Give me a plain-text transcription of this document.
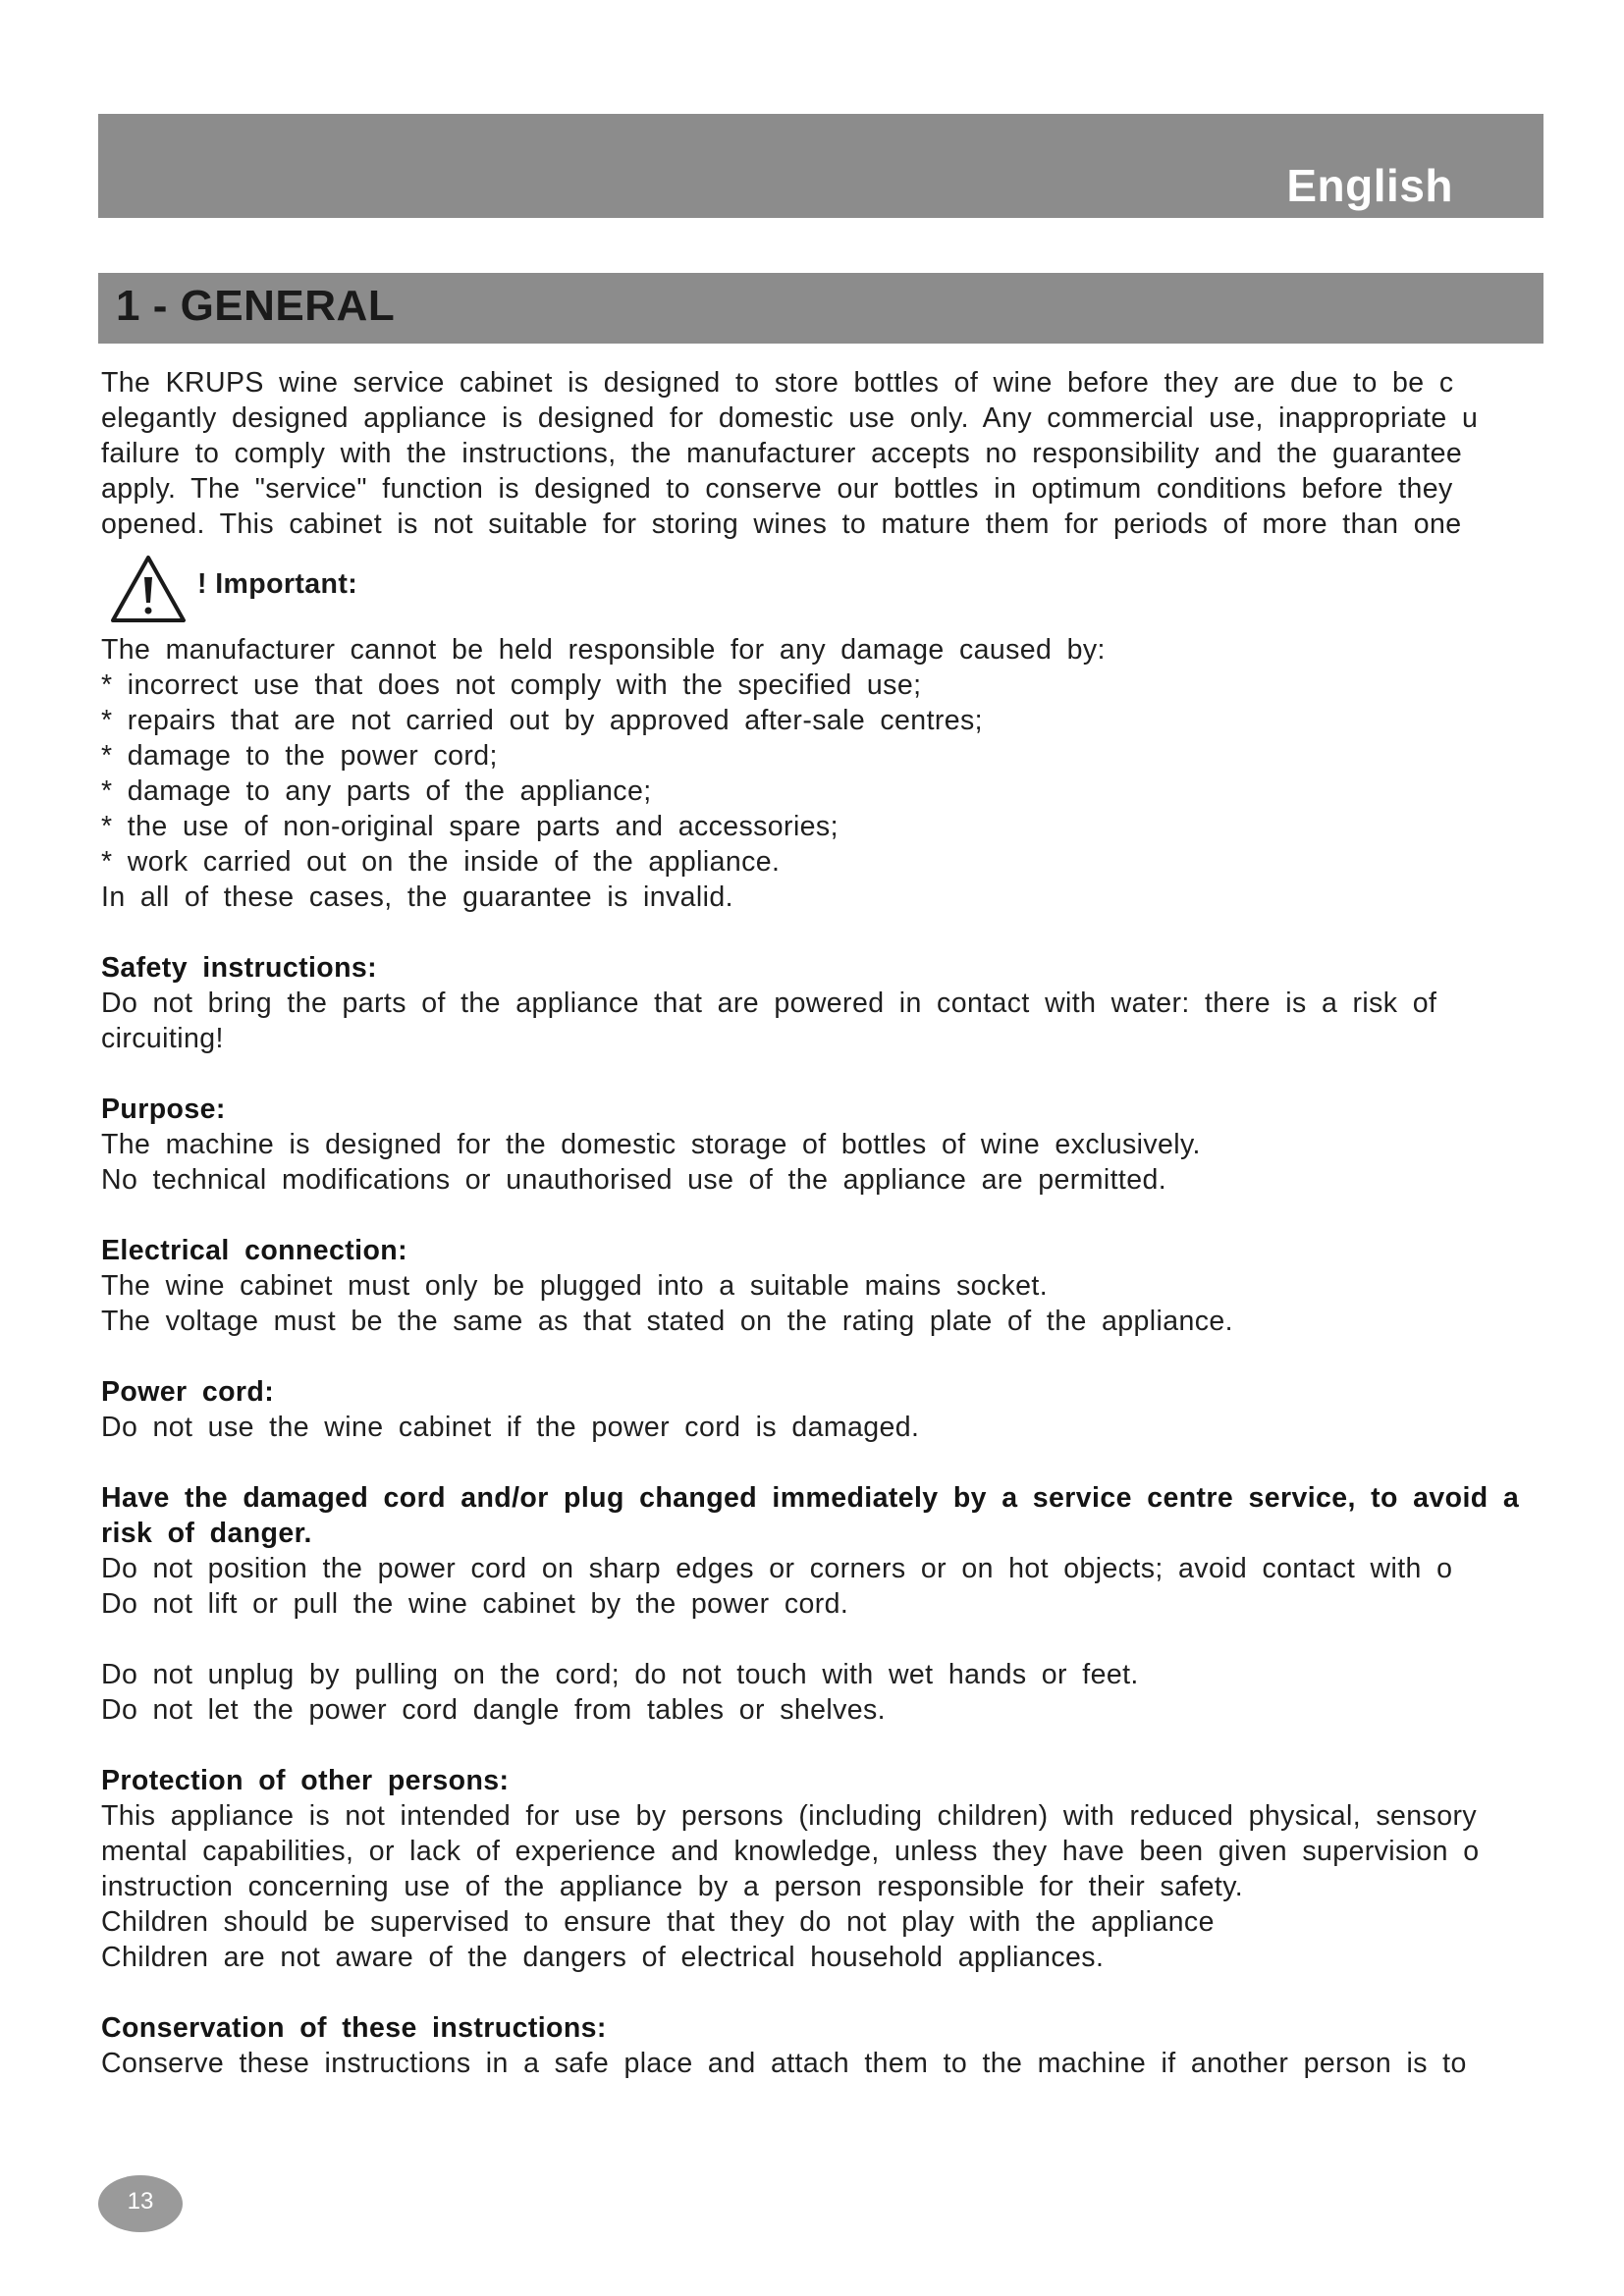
English
1 - GENERAL
The KRUPS wine service cabinet is designed to store bottles of wine before they are due to be c
elegantly designed appliance is designed for domestic use only. Any commercial use, inappropriate u
failure to comply with the instructions, the manufacturer accepts no responsibility and the guarantee
apply. The "service" function is designed to conserve our bottles in optimum conditions before they
opened. This cabinet is not suitable for storing wines to mature them for periods of more than one
! Important:
The manufacturer cannot be held responsible for any damage caused by:
* incorrect use that does not comply with the specified use;
* repairs that are not carried out by approved after-sale centres;
* damage to the power cord;
* damage to any parts of the appliance;
* the use of non-original spare parts and accessories;
* work carried out on the inside of the appliance.
In all of these cases, the guarantee is invalid.
Safety instructions:
Do not bring the parts of the appliance that are powered in contact with water: there is a risk of
circuiting!
Purpose:
The machine is designed for the domestic storage of bottles of wine exclusively.
No technical modifications or unauthorised use of the appliance are permitted.
Electrical connection:
The wine cabinet must only be plugged into a suitable mains socket.
The voltage must be the same as that stated on the rating plate of the appliance.
Power cord:
Do not use the wine cabinet if the power cord is damaged.
Have the damaged cord and/or plug changed immediately by a service centre service, to avoid a
risk of danger.
Do not position the power cord on sharp edges or corners or on hot objects; avoid contact with o
Do not lift or pull the wine cabinet by the power cord.
Do not unplug by pulling on the cord; do not touch with wet hands or feet.
Do not let the power cord dangle from tables or shelves.
Protection of other persons:
This appliance is not intended for use by persons (including children) with reduced physical, sensory
mental capabilities, or lack of experience and knowledge, unless they have been given supervision o
instruction concerning use of the appliance by a person responsible for their safety.
Children should be supervised to ensure that they do not play with the appliance
Children are not aware of the dangers of electrical household appliances.
Conservation of these instructions:
Conserve these instructions in a safe place and attach them to the machine if another person is to
13
